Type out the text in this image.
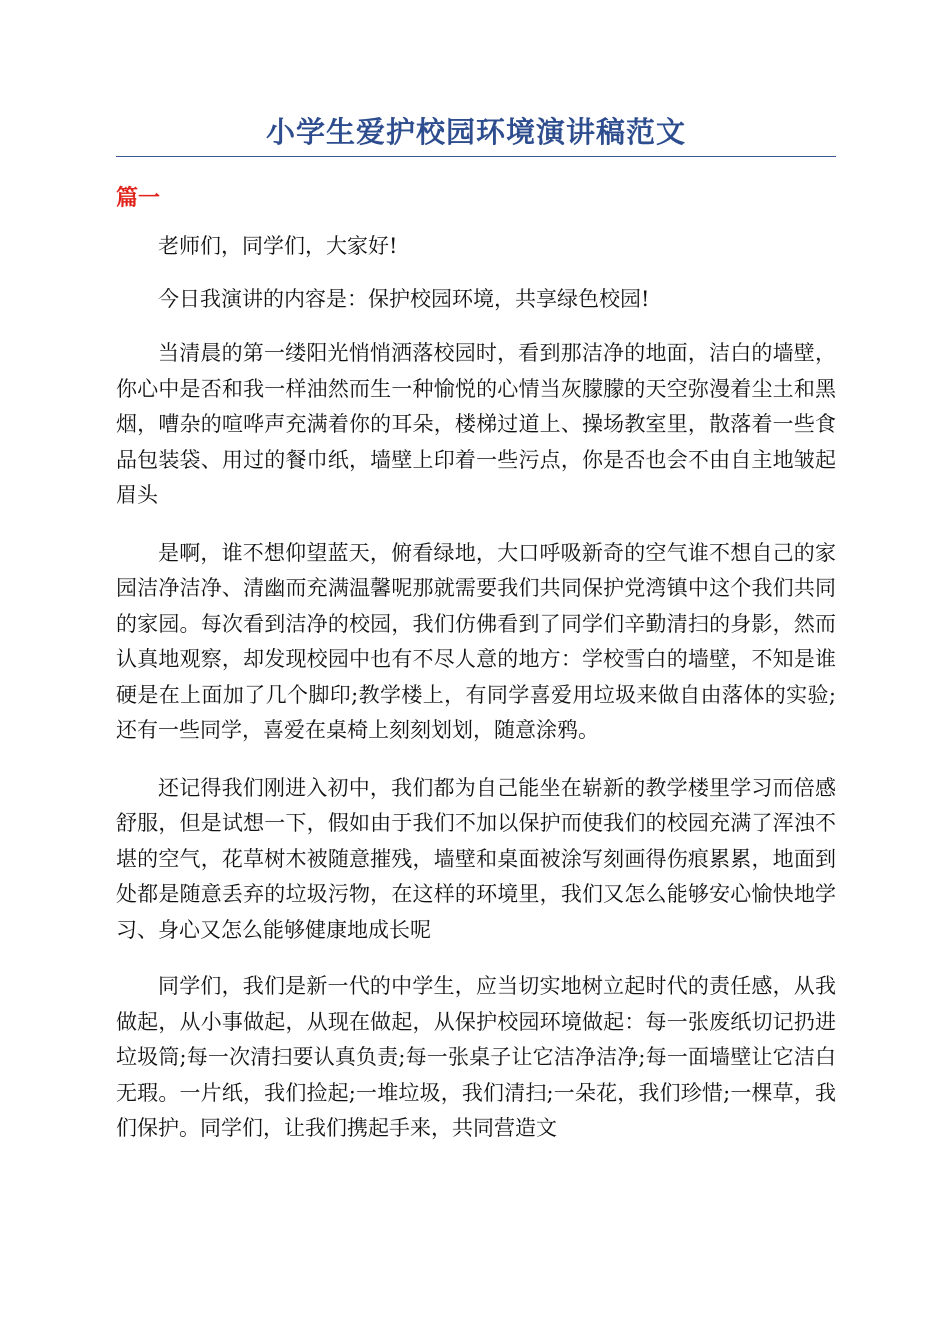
小学生爱护校园环境演讲稿范文
篇一

老师们，同学们，大家好!

今日我演讲的内容是：保护校园环境，共享绿色校园!

当清晨的第一缕阳光悄悄洒落校园时，看到那洁净的地面，洁白的墙壁，你心中是否和我一样油然而生一种愉悦的心情当灰朦朦的天空弥漫着尘土和黑烟，嘈杂的喧哗声充满着你的耳朵，楼梯过道上、操场教室里，散落着一些食品包装袋、用过的餐巾纸，墙壁上印着一些污点，你是否也会不由自主地皱起眉头

是啊，谁不想仰望蓝天，俯看绿地，大口呼吸新奇的空气谁不想自己的家园洁净洁净、清幽而充满温馨呢那就需要我们共同保护党湾镇中这个我们共同的家园。每次看到洁净的校园，我们仿佛看到了同学们辛勤清扫的身影，然而认真地观察，却发现校园中也有不尽人意的地方：学校雪白的墙壁，不知是谁硬是在上面加了几个脚印;教学楼上，有同学喜爱用垃圾来做自由落体的实验;还有一些同学，喜爱在桌椅上刻刻划划，随意涂鸦。

还记得我们刚进入初中，我们都为自己能坐在崭新的教学楼里学习而倍感舒服，但是试想一下，假如由于我们不加以保护而使我们的校园充满了浑浊不堪的空气，花草树木被随意摧残，墙壁和桌面被涂写刻画得伤痕累累，地面到处都是随意丢弃的垃圾污物，在这样的环境里，我们又怎么能够安心愉快地学习、身心又怎么能够健康地成长呢

同学们，我们是新一代的中学生，应当切实地树立起时代的责任感，从我做起，从小事做起，从现在做起，从保护校园环境做起：每一张废纸切记扔进垃圾筒;每一次清扫要认真负责;每一张桌子让它洁净洁净;每一面墙壁让它洁白无瑕。一片纸，我们捡起;一堆垃圾，我们清扫;一朵花，我们珍惜;一棵草，我们保护。同学们，让我们携起手来，共同营造文
